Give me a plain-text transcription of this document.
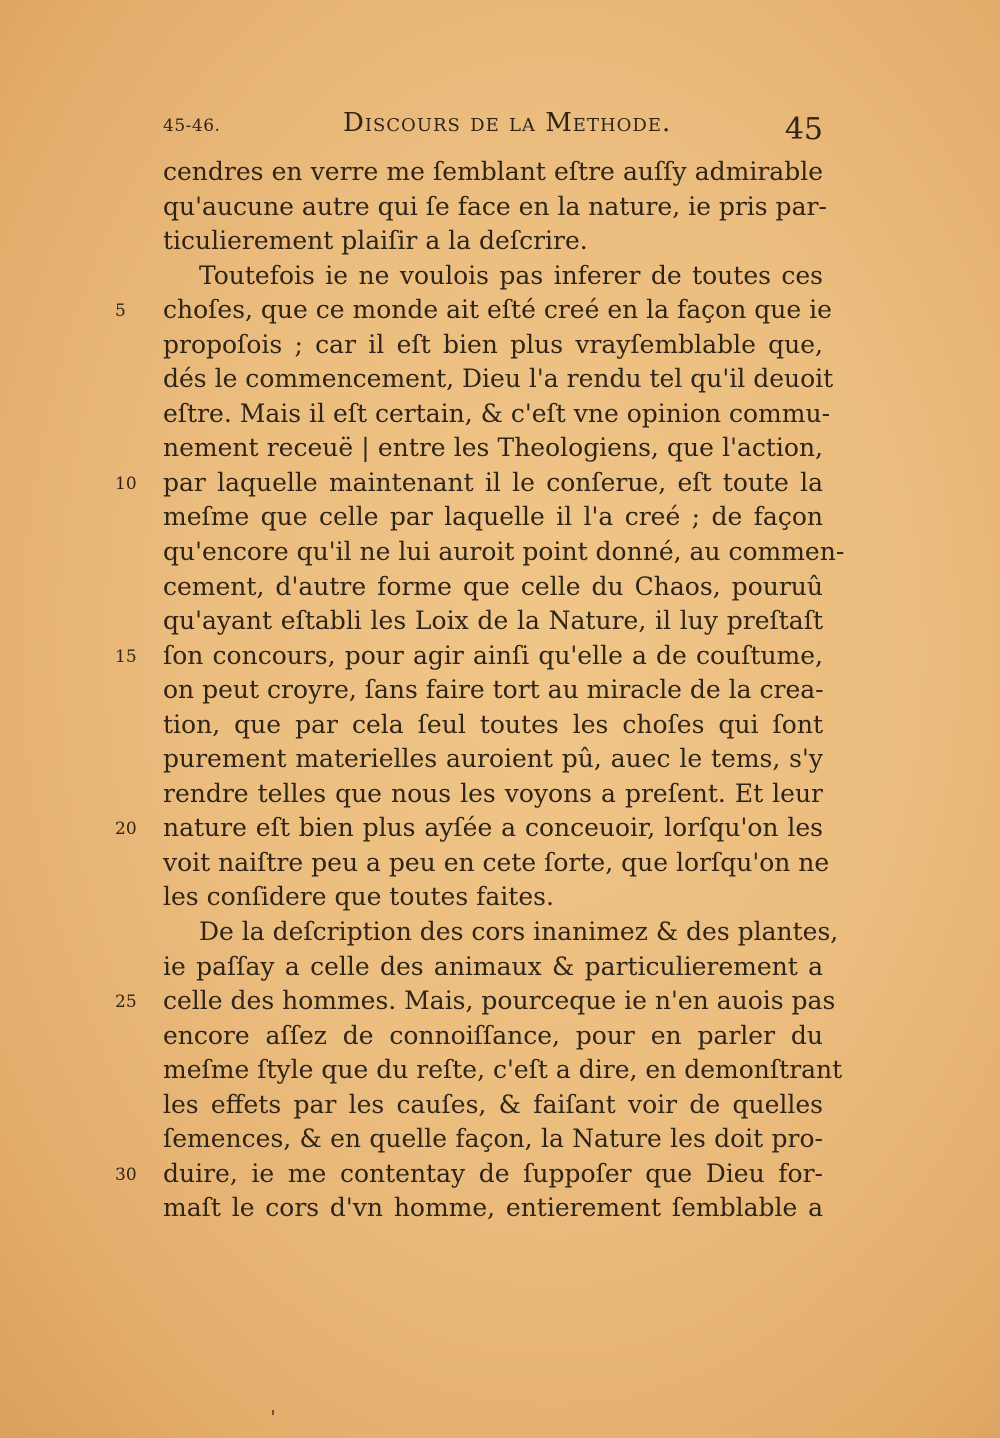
45-46.	Discours de la Methode.	45
cendres en verre me ſemblant eſtre auſſy admirable
qu'aucune autre qui ſe face en la nature, ie pris par-
ticulierement plaiſir a la deſcrire.
Toutefois ie ne voulois pas inferer de toutes ces
5	choſes, que ce monde ait eſté creé en la façon que ie
propoſois ; car il eſt bien plus vrayſemblable que,
dés le commencement, Dieu l'a rendu tel qu'il deuoit
eſtre. Mais il eſt certain, & c'eſt vne opinion commu-
nement receuë | entre les Theologiens, que l'action,
10	par laquelle maintenant il le conſerue, eſt toute la
meſme que celle par laquelle il l'a creé ; de façon
qu'encore qu'il ne lui auroit point donné, au commen-
cement, d'autre forme que celle du Chaos, pouruû
qu'ayant eſtabli les Loix de la Nature, il luy preſtaſt
15	ſon concours, pour agir ainſi qu'elle a de couſtume,
on peut croyre, ſans faire tort au miracle de la crea-
tion, que par cela ſeul toutes les choſes qui ſont
purement materielles auroient pû, auec le tems, s'y
rendre telles que nous les voyons a preſent. Et leur
20	nature eſt bien plus ayſée a conceuoir, lorſqu'on les
voit naiſtre peu a peu en cete ſorte, que lorſqu'on ne
les conſidere que toutes faites.
De la deſcription des cors inanimez & des plantes,
ie paſſay a celle des animaux & particulierement a
25	celle des hommes. Mais, pourceque ie n'en auois pas
encore aſſez de connoiſſance, pour en parler du
meſme ſtyle que du reſte, c'eſt a dire, en demonſtrant
les effets par les cauſes, & faiſant voir de quelles
ſemences, & en quelle façon, la Nature les doit pro-
30	duire, ie me contentay de ſuppoſer que Dieu for-
maſt le cors d'vn homme, entierement ſemblable a
